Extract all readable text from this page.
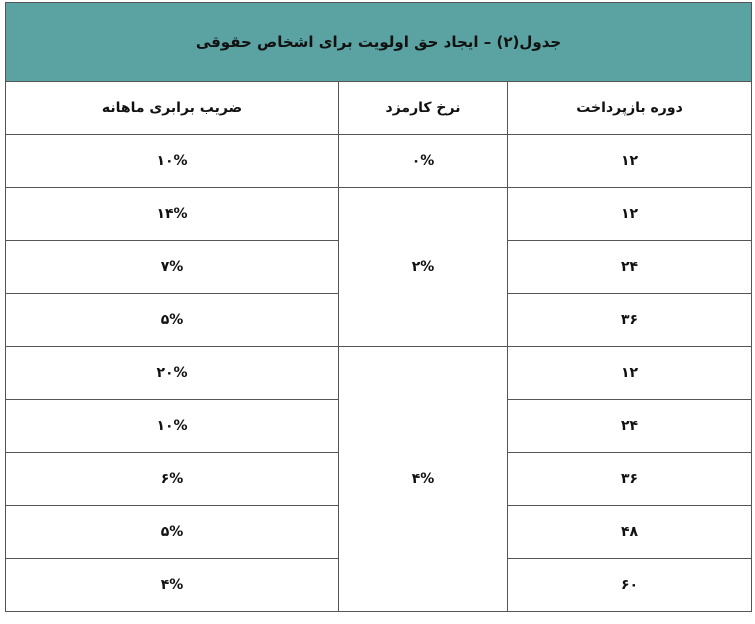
جدول(۲) – ایجاد حق اولویت برای اشخاص حقوقی		
دوره بازپرداخت	نرخ کارمزد	ضریب برابری ماهانه
۱۲	۰%	۱۰%
۱۲	۲%	۱۴%
۲۴		۷%
۳۶		۵%
۱۲	۴%	۲۰%
۲۴		۱۰%
۳۶		۶%
۴۸		۵%
۶۰		۴%
